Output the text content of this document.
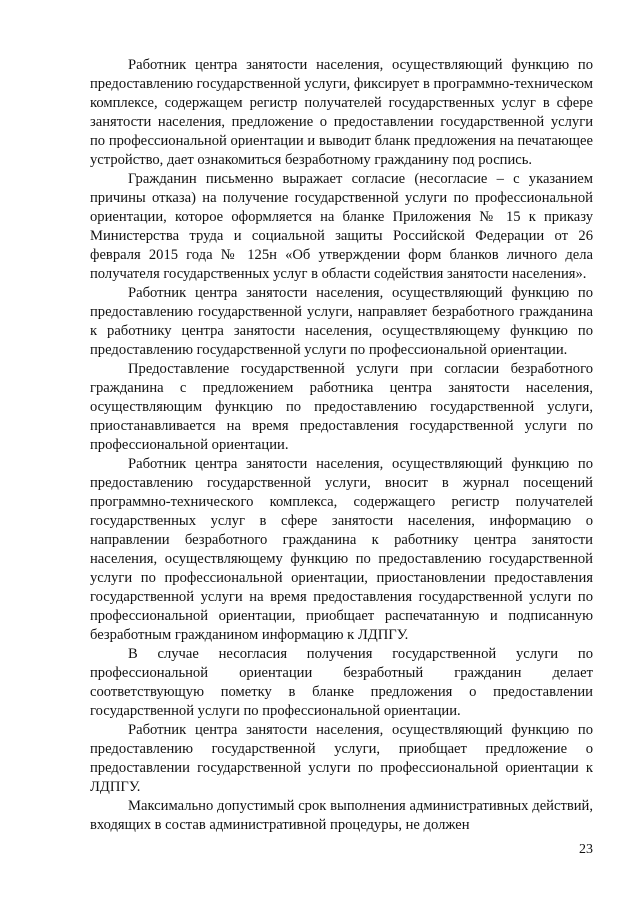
Работник центра занятости населения, осуществляющий функцию по предоставлению государственной услуги, фиксирует в программно-техническом комплексе, содержащем регистр получателей государственных услуг в сфере занятости населения, предложение о предоставлении государственной услуги по профессиональной ориентации и выводит бланк предложения на печатающее устройство, дает ознакомиться безработному гражданину под роспись.

Гражданин письменно выражает согласие (несогласие – с указанием причины отказа) на получение государственной услуги по профессиональной ориентации, которое оформляется на бланке Приложения № 15 к приказу Министерства труда и социальной защиты Российской Федерации от 26 февраля 2015 года № 125н «Об утверждении форм бланков личного дела получателя государственных услуг в области содействия занятости населения».

Работник центра занятости населения, осуществляющий функцию по предоставлению государственной услуги, направляет безработного гражданина к работнику центра занятости населения, осуществляющему функцию по предоставлению государственной услуги по профессиональной ориентации.

Предоставление государственной услуги при согласии безработного гражданина с предложением работника центра занятости населения, осуществляющим функцию по предоставлению государственной услуги, приостанавливается на время предоставления государственной услуги по профессиональной ориентации.

Работник центра занятости населения, осуществляющий функцию по предоставлению государственной услуги, вносит в журнал посещений программно-технического комплекса, содержащего регистр получателей государственных услуг в сфере занятости населения, информацию о направлении безработного гражданина к работнику центра занятости населения, осуществляющему функцию по предоставлению государственной услуги по профессиональной ориентации, приостановлении предоставления государственной услуги на время предоставления государственной услуги по профессиональной ориентации, приобщает распечатанную и подписанную безработным гражданином информацию к ЛДПГУ.

В случае несогласия получения государственной услуги по профессиональной ориентации безработный гражданин делает соответствующую пометку в бланке предложения о предоставлении государственной услуги по профессиональной ориентации.

Работник центра занятости населения, осуществляющий функцию по предоставлению государственной услуги, приобщает предложение о предоставлении государственной услуги по профессиональной ориентации к ЛДПГУ.

Максимально допустимый срок выполнения административных действий, входящих в состав административной процедуры, не должен

23
